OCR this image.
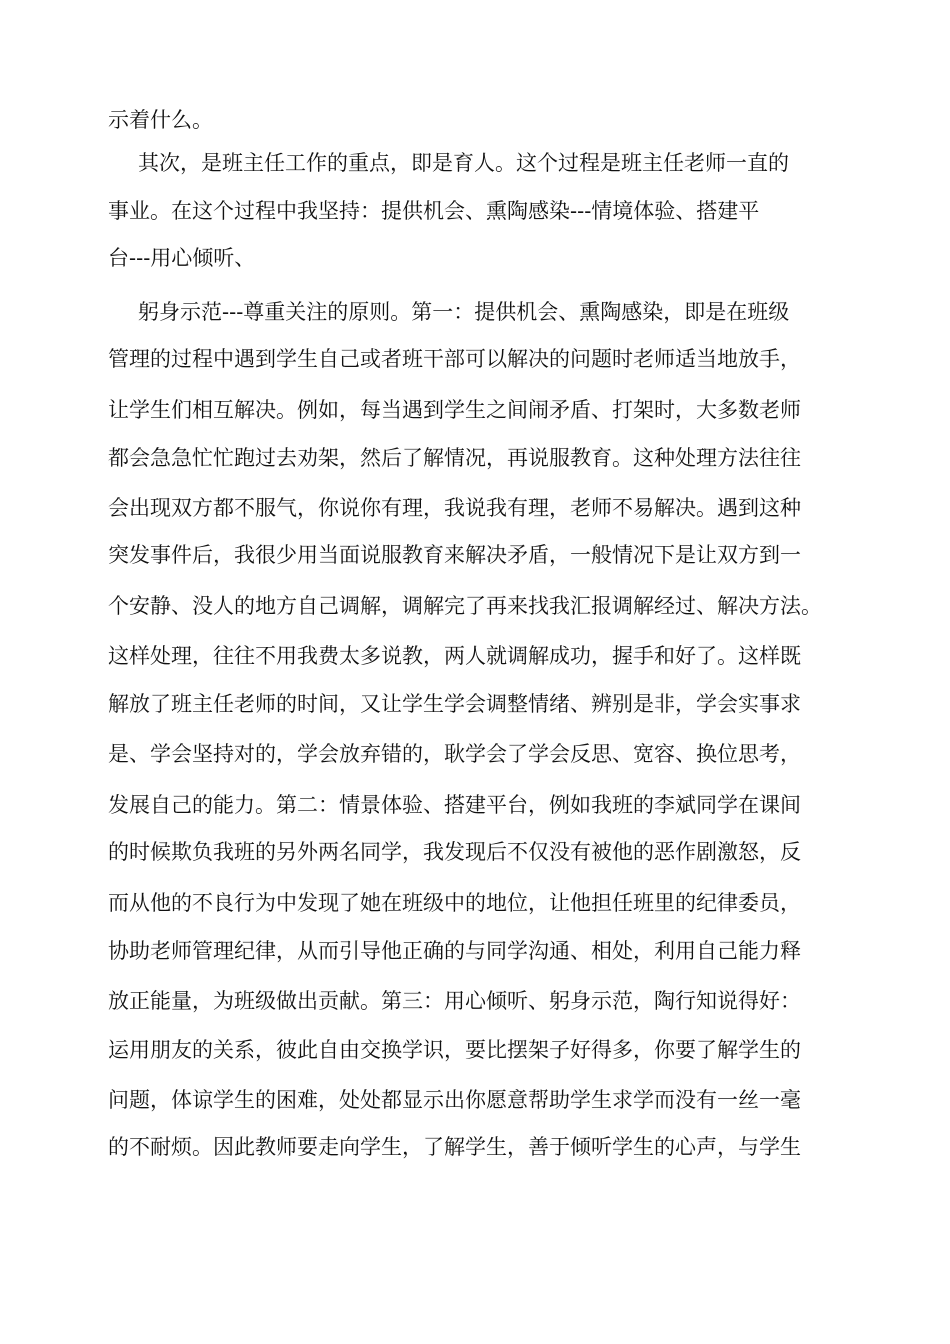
示着什么。
其次，是班主任工作的重点，即是育人。这个过程是班主任老师一直的
事业。在这个过程中我坚持：提供机会、熏陶感染---情境体验、搭建平
台---用心倾听、
躬身示范---尊重关注的原则。第一：提供机会、熏陶感染，即是在班级
管理的过程中遇到学生自己或者班干部可以解决的问题时老师适当地放手，
让学生们相互解决。例如，每当遇到学生之间闹矛盾、打架时，大多数老师
都会急急忙忙跑过去劝架，然后了解情况，再说服教育。这种处理方法往往
会出现双方都不服气，你说你有理，我说我有理，老师不易解决。遇到这种
突发事件后，我很少用当面说服教育来解决矛盾，一般情况下是让双方到一
个安静、没人的地方自己调解，调解完了再来找我汇报调解经过、解决方法。
这样处理，往往不用我费太多说教，两人就调解成功，握手和好了。这样既
解放了班主任老师的时间，又让学生学会调整情绪、辨别是非，学会实事求
是、学会坚持对的，学会放弃错的，耿学会了学会反思、宽容、换位思考，
发展自己的能力。第二：情景体验、搭建平台，例如我班的李斌同学在课间
的时候欺负我班的另外两名同学，我发现后不仅没有被他的恶作剧激怒，反
而从他的不良行为中发现了她在班级中的地位，让他担任班里的纪律委员，
协助老师管理纪律，从而引导他正确的与同学沟通、相处，利用自己能力释
放正能量，为班级做出贡献。第三：用心倾听、躬身示范，陶行知说得好：
运用朋友的关系，彼此自由交换学识，要比摆架子好得多，你要了解学生的
问题，体谅学生的困难，处处都显示出你愿意帮助学生求学而没有一丝一毫
的不耐烦。因此教师要走向学生，了解学生，善于倾听学生的心声，与学生
